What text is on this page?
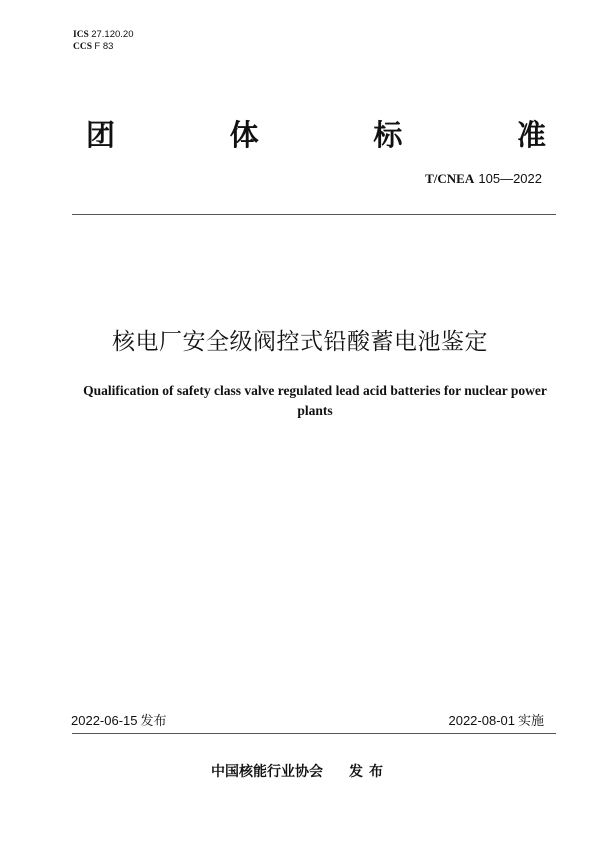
ICS 27.120.20
CCS F 83
团	体	标	准
T/CNEA 105—2022
核电厂安全级阀控式铅酸蓄电池鉴定
Qualification of safety class valve regulated lead acid batteries for nuclear power plants
2022-06-15 发布	2022-08-01 实施
中国核能行业协会 发布
